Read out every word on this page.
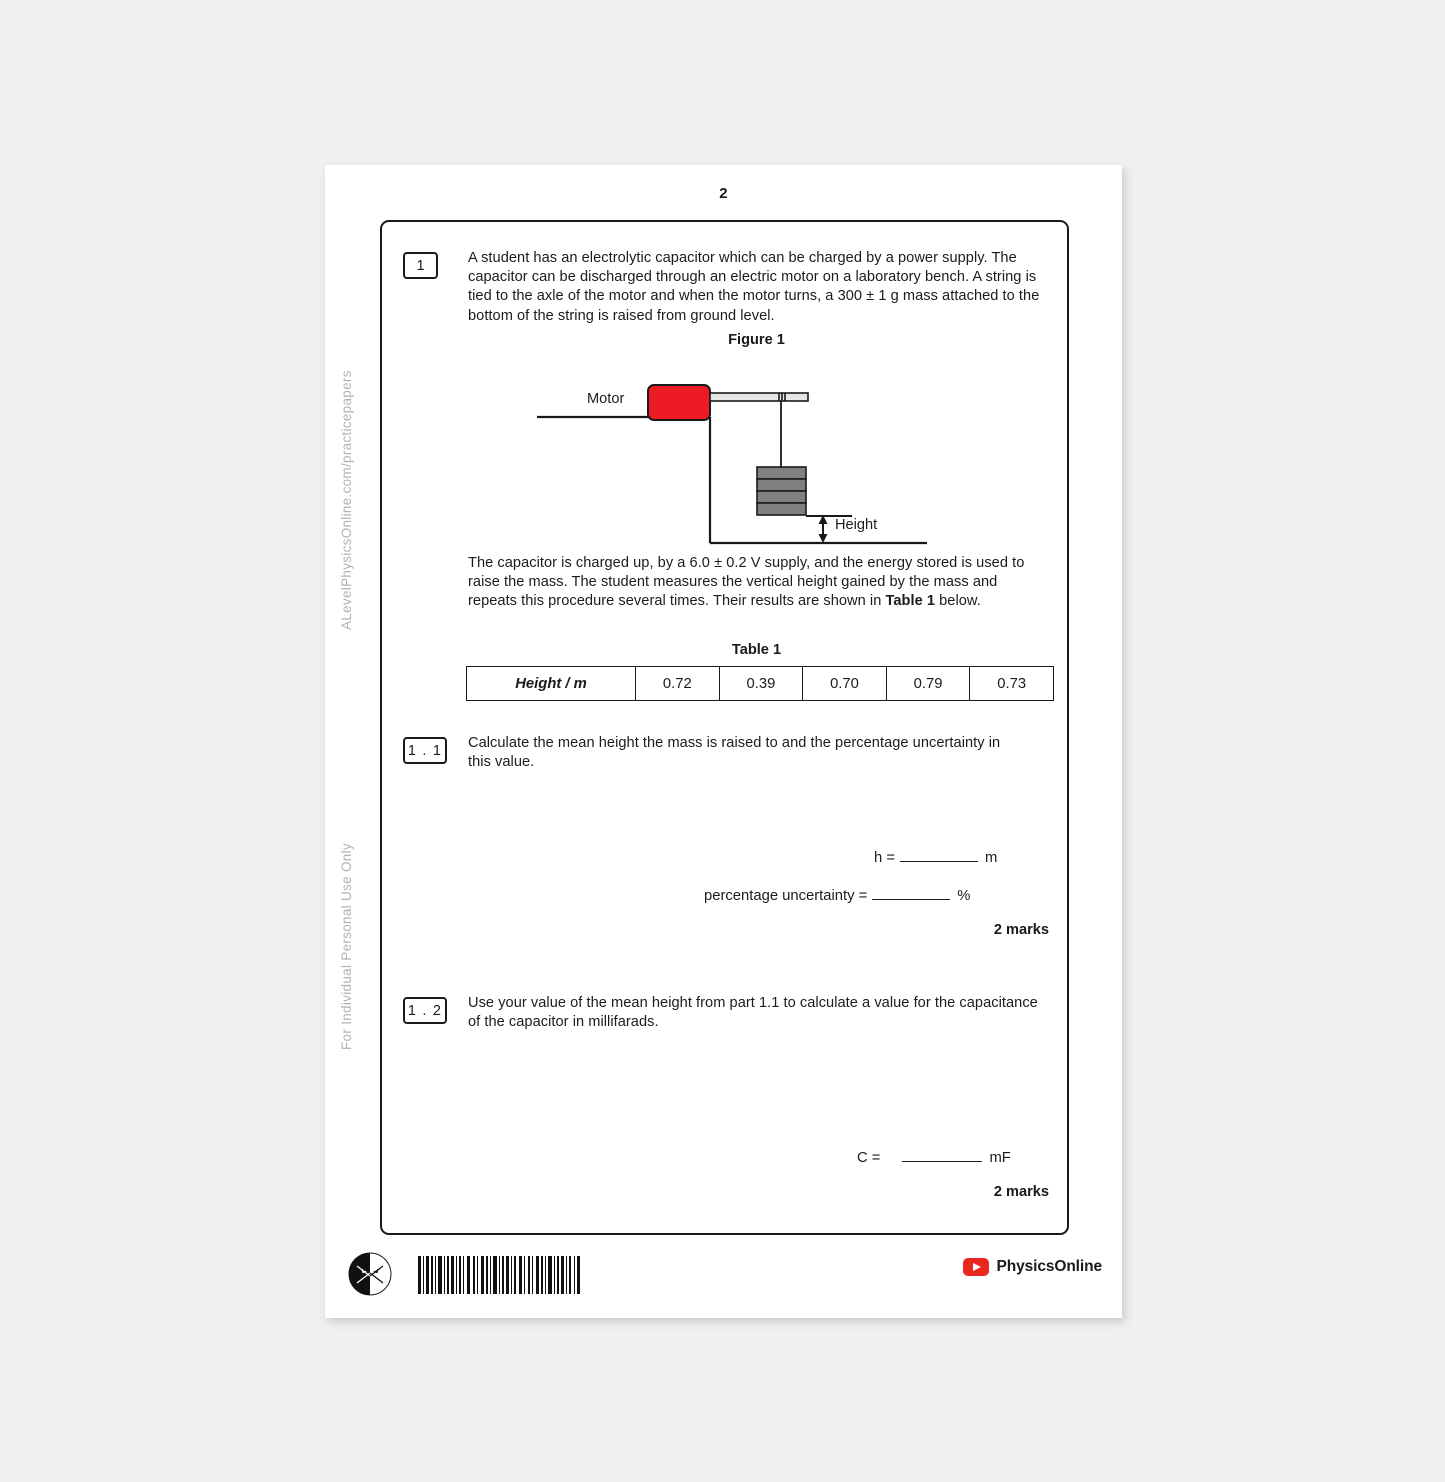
2
ALevelPhysicsOnline.com/practicepapers
For Individual Personal Use Only
1	A student has an electrolytic capacitor which can be charged by a power supply. The capacitor can be discharged through an electric motor on a laboratory bench. A string is tied to the axle of the motor and when the motor turns, a 300 ± 1 g mass attached to the bottom of the string is raised from ground level.
Figure 1
Motor
Height
The capacitor is charged up, by a 6.0 ± 0.2 V supply, and the energy stored is used to raise the mass. The student measures the vertical height gained by the mass and repeats this procedure several times. Their results are shown in Table 1 below.
Table 1
Height / m	0.72	0.39	0.70	0.79	0.73
1 . 1	Calculate the mean height the mass is raised to and the percentage uncertainty in this value.
h =	m
percentage uncertainty =	%
2 marks
1 . 2	Use your value of the mean height from part 1.1 to calculate a value for the capacitance of the capacitor in millifarads.
C =	mF
2 marks
PhysicsOnline
